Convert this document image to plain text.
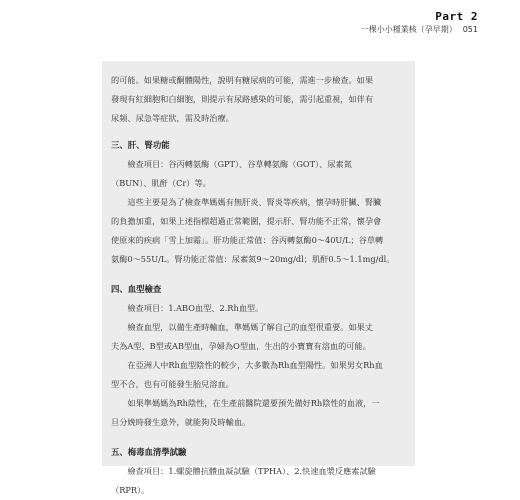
Part 2
一棵小小種業核（孕早期） 051

的可能。如果糖或酮體陽性，說明有糖尿病的可能，需進一步檢查。如果

發現有紅細胞和白細胞，則提示有尿路感染的可能，需引起重視，如伴有

尿頻、尿急等症狀，需及時治療。

三、肝、腎功能

檢查項目：谷丙轉氨酶（GPT）、谷草轉氨酶（GOT）、尿素氮

（BUN）、肌酐（Cr）等。

這些主要是為了檢查準媽媽有無肝炎、腎炎等疾病，懷孕時肝臟、腎臟

的負擔加重，如果上述指標超過正常範圍，提示肝、腎功能不正常，懷孕會

使原來的疾病「雪上加霜」。肝功能正常值：谷丙轉氨酶0～40U/L；谷草轉

氨酶0～55U/L。腎功能正常值：尿素氮9～20mg/dl；肌酐0.5～1.1mg/dl。

四、血型檢查

檢查項目：1.ABO血型、2.Rh血型。

檢查血型，以備生產時輸血，準媽媽了解自己的血型很重要。如果丈

夫為A型、B型或AB型血，孕婦為O型血，生出的小寶寶有溶血的可能。

在亞洲人中Rh血型陰性的較少，大多數為Rh血型陽性。如果男女Rh血

型不合，也有可能發生胎兒溶血。

如果準媽媽為Rh陰性，在生產前醫院還要預先備好Rh陰性的血液，一

旦分娩時發生意外，就能夠及時輸血。

五、梅毒血清學試驗

檢查項目：1.螺旋體抗體血凝試驗（TPHA）、2.快速血漿反應素試驗

（RPR）。
